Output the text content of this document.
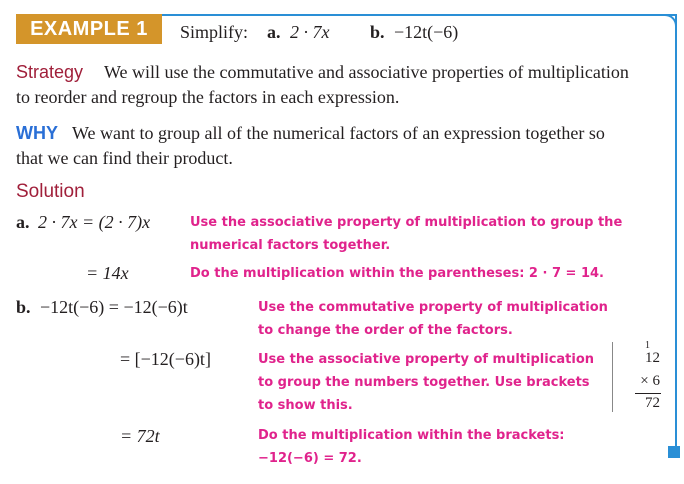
EXAMPLE 1	Simplify: a. 2 · 7x b. −12t(−6)
Strategy We will use the commutative and associative properties of multiplication
to reorder and regroup the factors in each expression.
WHY We want to group all of the numerical factors of an expression together so
that we can find their product.
Solution
a. 2 · 7x = (2 · 7)x	Use the associative property of multiplication to group the
numerical factors together.
= 14x	Do the multiplication within the parentheses: 2 · 7 = 14.
b. −12t(−6) = −12(−6)t	Use the commutative property of multiplication
to change the order of the factors.
= [−12(−6)t]	Use the associative property of multiplication
to group the numbers together. Use brackets
to show this.
= 72t	Do the multiplication within the brackets:
−12(−6) = 72.
1
12
× 6
72
